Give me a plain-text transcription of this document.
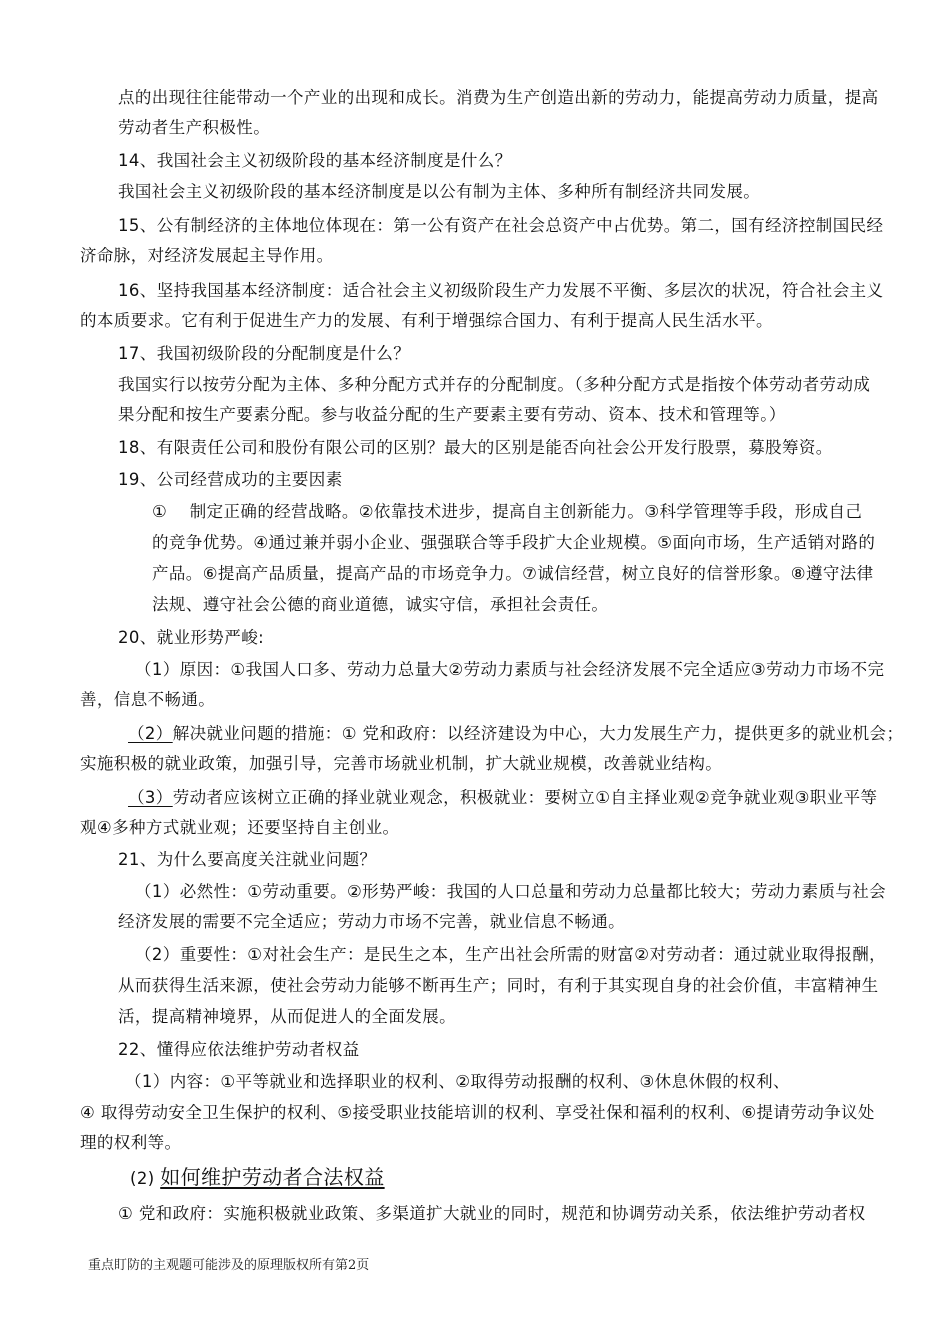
点的出现往往能带动一个产业的出现和成长。消费为生产创造出新的劳动力，能提高劳动力质量，提高
劳动者生产积极性。
14、我国社会主义初级阶段的基本经济制度是什么？
我国社会主义初级阶段的基本经济制度是以公有制为主体、多种所有制经济共同发展。
15、公有制经济的主体地位体现在：第一公有资产在社会总资产中占优势。第二，国有经济控制国民经
济命脉，对经济发展起主导作用。
16、坚持我国基本经济制度：适合社会主义初级阶段生产力发展不平衡、多层次的状况，符合社会主义
的本质要求。它有利于促进生产力的发展、有利于增强综合国力、有利于提高人民生活水平。
17、我国初级阶段的分配制度是什么？
我国实行以按劳分配为主体、多种分配方式并存的分配制度。（多种分配方式是指按个体劳动者劳动成
果分配和按生产要素分配。参与收益分配的生产要素主要有劳动、资本、技术和管理等。）
18、有限责任公司和股份有限公司的区别？最大的区别是能否向社会公开发行股票，募股筹资。
19、公司经营成功的主要因素
①　 制定正确的经营战略。②依靠技术进步，提高自主创新能力。③科学管理等手段，形成自己
的竞争优势。④通过兼并弱小企业、强强联合等手段扩大企业规模。⑤面向市场，生产适销对路的
产品。⑥提高产品质量，提高产品的市场竞争力。⑦诚信经营，树立良好的信誉形象。⑧遵守法律
法规、遵守社会公德的商业道德，诚实守信，承担社会责任。
20、就业形势严峻:
（1）原因：①我国人口多、劳动力总量大②劳动力素质与社会经济发展不完全适应③劳动力市场不完
善，信息不畅通。
（2）解决就业问题的措施：① 党和政府：以经济建设为中心，大力发展生产力，提供更多的就业机会；
实施积极的就业政策，加强引导，完善市场就业机制，扩大就业规模，改善就业结构。
（3）劳动者应该树立正确的择业就业观念，积极就业：要树立①自主择业观②竞争就业观③职业平等
观④多种方式就业观；还要坚持自主创业。
21、为什么要高度关注就业问题？
（1）必然性：①劳动重要。②形势严峻：我国的人口总量和劳动力总量都比较大；劳动力素质与社会
经济发展的需要不完全适应；劳动力市场不完善，就业信息不畅通。
（2）重要性：①对社会生产：是民生之本，生产出社会所需的财富②对劳动者：通过就业取得报酬，
从而获得生活来源，使社会劳动力能够不断再生产；同时，有利于其实现自身的社会价值，丰富精神生
活，提高精神境界，从而促进人的全面发展。
22、懂得应依法维护劳动者权益
（1）内容：①平等就业和选择职业的权利、②取得劳动报酬的权利、③休息休假的权利、
④ 取得劳动安全卫生保护的权利、⑤接受职业技能培训的权利、享受社保和福利的权利、⑥提请劳动争议处
理的权利等。
(2) 如何维护劳动者合法权益
① 党和政府：实施积极就业政策、多渠道扩大就业的同时，规范和协调劳动关系，依法维护劳动者权
重点盯防的主观题可能涉及的原理版权所有第2页
